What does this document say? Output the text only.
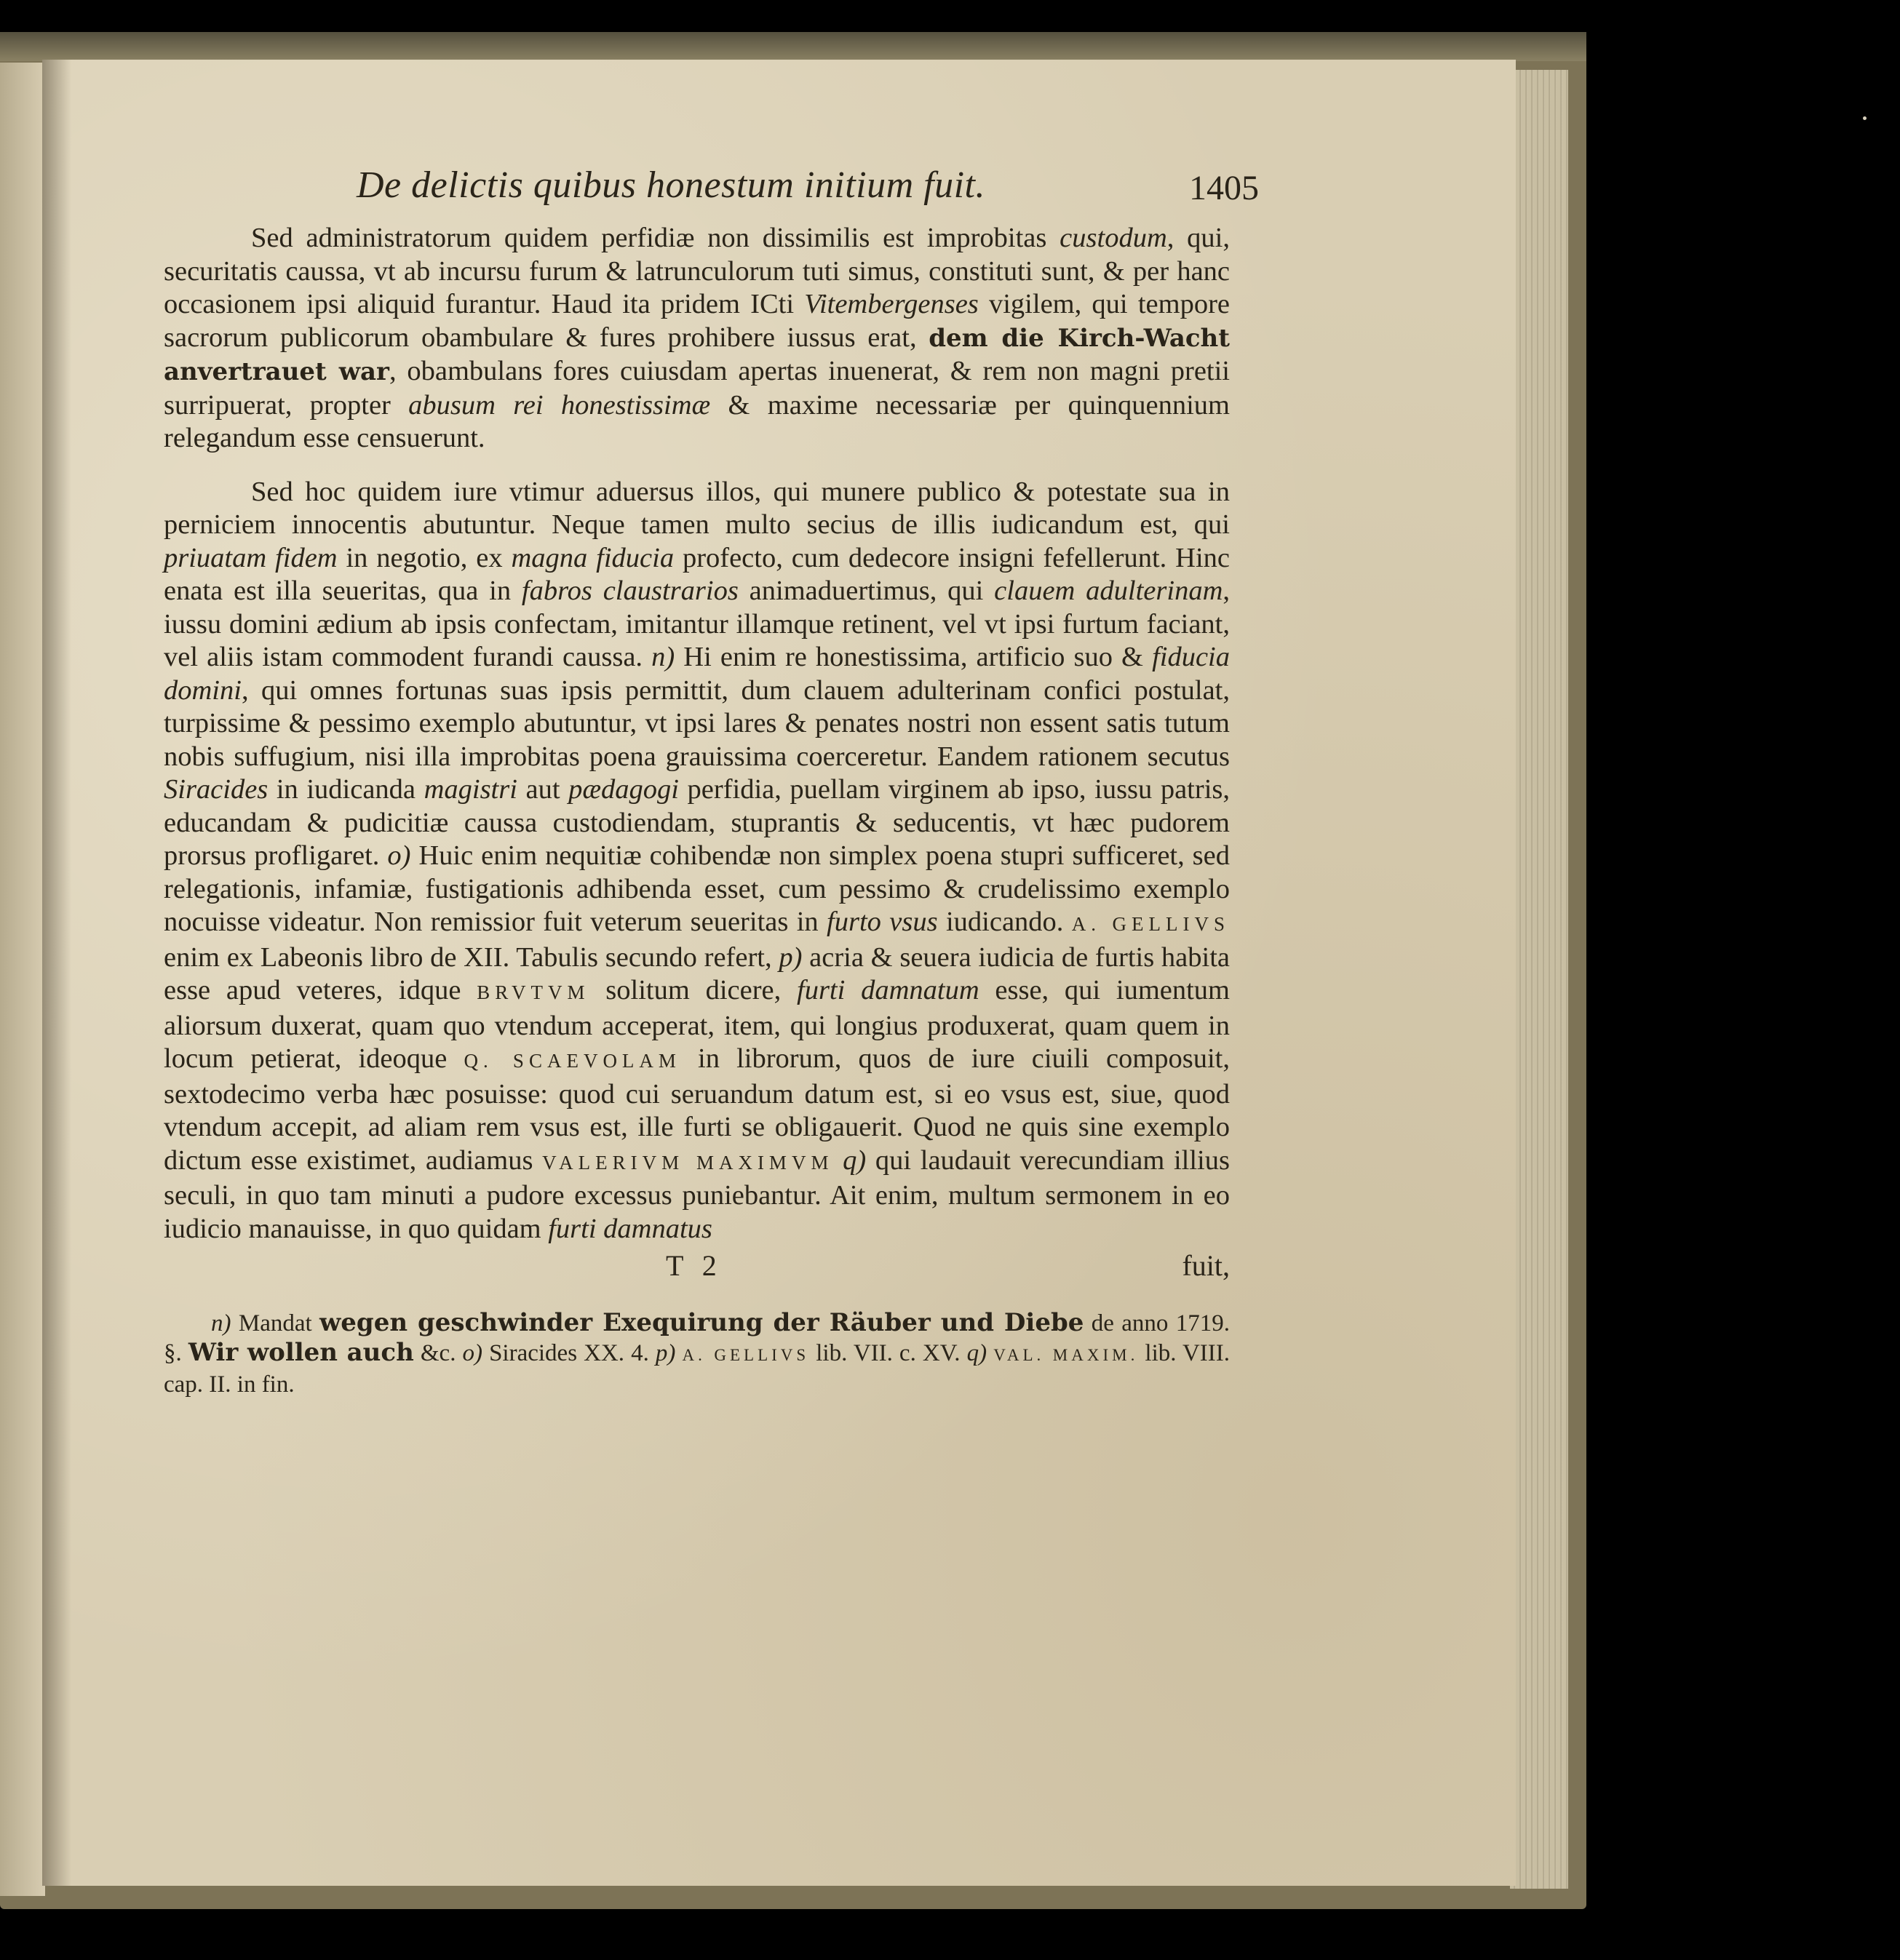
De delictis quibus honestum initium fuit.	1405

Sed administratorum quidem perfidiæ non dissimilis est improbitas custodum, qui, securitatis caussa, vt ab incursu furum & latrunculorum tuti simus, constituti sunt, & per hanc occasionem ipsi aliquid furantur. Haud ita pridem ICti Vitembergenses vigilem, qui tempore sacrorum publicorum obambulare & fures prohibere iussus erat, dem die Kirch-Wacht anvertrauet war, obambulans fores cuiusdam apertas inuenerat, & rem non magni pretii surripuerat, propter abusum rei honestissimæ & maxime necessariæ per quinquennium relegandum esse censuerunt.

Sed hoc quidem iure vtimur aduersus illos, qui munere publico & potestate sua in perniciem innocentis abutuntur. Neque tamen multo secius de illis iudicandum est, qui priuatam fidem in negotio, ex magna fiducia profecto, cum dedecore insigni fefellerunt. Hinc enata est illa seueritas, qua in fabros claustrarios animaduertimus, qui clauem adulterinam, iussu domini ædium ab ipsis confectam, imitantur illamque retinent, vel vt ipsi furtum faciant, vel aliis istam commodent furandi caussa. n) Hi enim re honestissima, artificio suo & fiducia domini, qui omnes fortunas suas ipsis permittit, dum clauem adulterinam confici postulat, turpissime & pessimo exemplo abutuntur, vt ipsi lares & penates nostri non essent satis tutum nobis suffugium, nisi illa improbitas poena grauissima coerceretur. Eandem rationem secutus Siracides in iudicanda magistri aut pædagogi perfidia, puellam virginem ab ipso, iussu patris, educandam & pudicitiæ caussa custodiendam, stuprantis & seducentis, vt hæc pudorem prorsus profligaret. o) Huic enim nequitiæ cohibendæ non simplex poena stupri sufficeret, sed relegationis, infamiæ, fustigationis adhibenda esset, cum pessimo & crudelissimo exemplo nocuisse videatur. Non remissior fuit veterum seueritas in furto vsus iudicando. A. GELLIVS enim ex Labeonis libro de XII. Tabulis secundo refert, p) acria & seuera iudicia de furtis habita esse apud veteres, idque BRVTVM solitum dicere, furti damnatum esse, qui iumentum aliorsum duxerat, quam quo vtendum acceperat, item, qui longius produxerat, quam quem in locum petierat, ideoque Q. SCAEVOLAM in librorum, quos de iure ciuili composuit, sextodecimo verba hæc posuisse: quod cui seruandum datum est, si eo vsus est, siue, quod vtendum accepit, ad aliam rem vsus est, ille furti se obligauerit. Quod ne quis sine exemplo dictum esse existimet, audiamus VALERIVM MAXIMVM q) qui laudauit verecundiam illius seculi, in quo tam minuti a pudore excessus puniebantur. Ait enim, multum sermonem in eo iudicio manauisse, in quo quidam furti damnatus

T 2	fuit,

n) Mandat wegen geschwinder Exequirung der Räuber und Diebe de anno 1719. §. Wir wollen auch &c. o) Siracides XX. 4. p) A. GELLIVS lib. VII. c. XV. q) VAL. MAXIM. lib. VIII. cap. II. in fin.
